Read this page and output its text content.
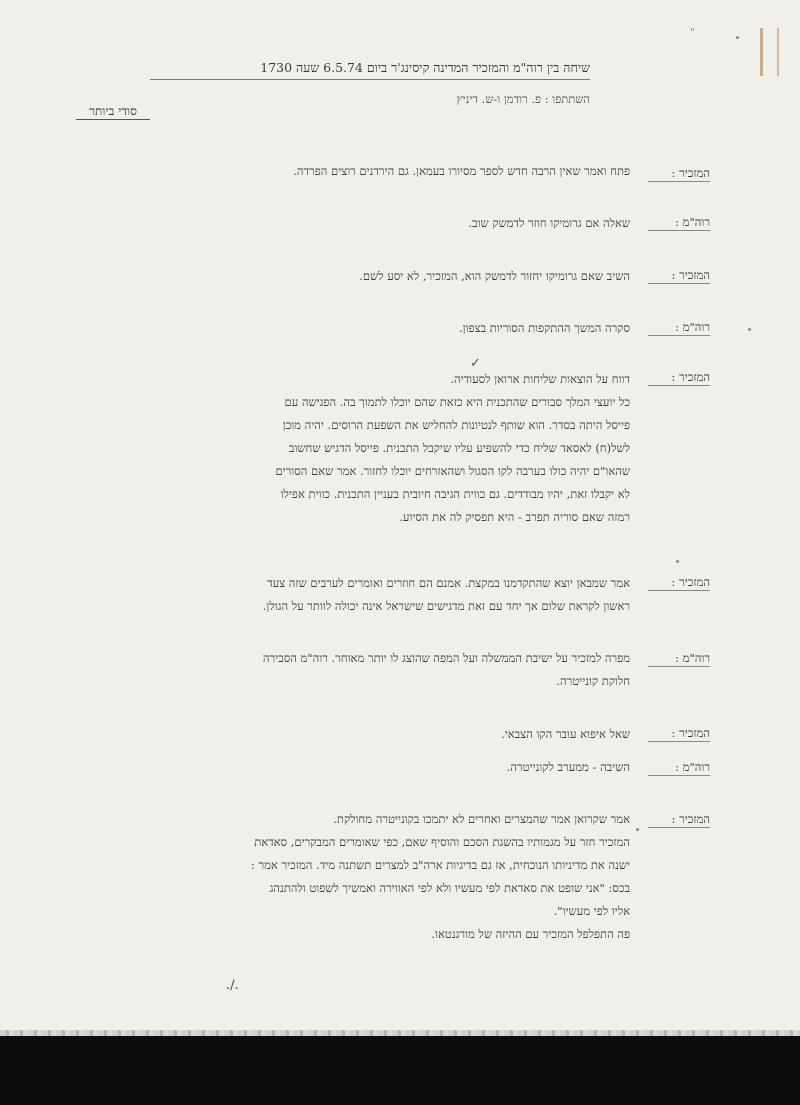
"
שיחה בין רוה"מ והמזכיר המדינה קיסינג'ר ביום 6.5.74 שעה 1730
השתתפו : פ. רודמן ו-ש. דיניץ
סודי ביותר
המזכיר :
פתח ואמר שאין הרבה חדש לספר מסיורו בעמאן. גם הירדנים רוצים הפרדה.
רוה"מ :
שאלה אם גרומיקו חוזר לדמשק שוב.
המזכיר :
השיב שאם גרומיקו יחזור לדמשק הוא, המזכיר, לא יסע לשם.
רוה"מ :
סקרה המשך ההתקפות הסוריות בצפון.
המזכיר :
✓
דווח על הוצאות שליחות ארואן לסעודיה.
כל יועצי המלך סבורים שהתכנית היא כזאת שהם יוכלו לתמוך בה. הפגישה עם
פייסל היתה בסדר. הוא שותף לנטיונות להחליש את השפעת הרוסים. יהיה מוכן
לשל(ח) לאסאד שליח כדי להשפיע עליו שיקבל התכנית. פייסל הדגיש שחשוב
שהאו"ם יהיה כולו בערבה לקו הסגול ושהאזרחים יוכלו לחזור. אמר שאם הסורים
לא יקבלו זאת, יהיו מבודדים. גם כווית הגיבה חיובית בעניין התכנית. כווית אפילו
רמזה שאם סוריה תפרב - היא תפסיק לה את הסיוע.
המזכיר :
אמר שמבאן יוצא שהתקדמנו במקצת. אמנם הם חוזרים ואומרים לערבים שזה צעד
ראשון לקראת שלום אך יחד עם זאת מדגישים שישראל אינה יכולה לוותר על הגולן.
רוה"מ :
מפרה למזכיר על ישיבת הממשלה ועל המפה שהוצג לו יותר מאוחר. רוה"מ הסבירה
חלוקת קונייטרה.
המזכיר :
שאל איפוא עובר הקו הצבאי.
רוה"מ :
השיבה - ממערב לקונייטרה.
המזכיר :
אמר שקרואן אמר שהמצרים ואחרים לא יתמכו בקונייטרה מחולקת.
המזכיר חזר על מגמותיו בהשגת הסכם והוסיף שאם, כפי שאומרים המבקרים, סאדאת
ישנה את מדיניותו הנוכחית, אז גם בדיגיות ארה"ב למצרים תשתנה מיד. המזכיר אמר :
בכס: "אני שופט את סאדאת לפי מעשיו ולא לפי האווירה ואמשיך לשפוט ולהתנהג
אליו לפי מעשיו".
פה התפלפל המזכיר עם ההיזה של מורגנטאו.
./.
